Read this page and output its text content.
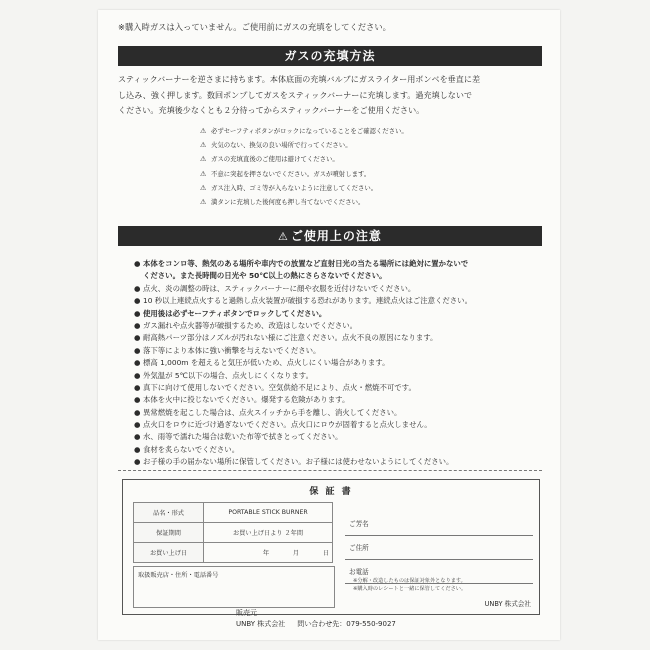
※購入時ガスは入っていません。ご使用前にガスの充填をしてください。
ガスの充填方法
スティックバーナーを逆さまに持ちます。本体底面の充填バルブにガスライター用ボンベを垂直に差
し込み、強く押します。数回ポンプしてガスをスティックバーナーに充填します。過充填しないで
ください。充填後少なくとも２分待ってからスティックバーナーをご使用ください。
⚠ 必ずセーフティボタンがロックになっていることをご確認ください。
⚠ 火気のない、換気の良い場所で行ってください。
⚠ ガスの充填直後のご使用は避けてください。
⚠ 不意に突起を押さないでください。ガスが噴射します。
⚠ ガス注入時、ゴミ等が入らないように注意してください。
⚠ 満タンに充填した後何度も押し当てないでください。
⚠ ご使用上の注意
● 本体をコンロ等、熱気のある場所や車内での放置など直射日光の当たる場所には絶対に置かないで
ください。また長時間の日光や 50℃以上の熱にさらさないでください。
● 点火、炎の調整の時は、スティックバーナーに顔や衣服を近付けないでください。
● 10 秒以上連続点火すると過熱し点火装置が破損する恐れがあります。連続点火はご注意ください。
● 使用後は必ずセーフティボタンでロックしてください。
● ガス漏れや点火器等が破損するため、改造はしないでください。
● 耐高熱パーツ部分はノズルが汚れない様にご注意ください。点火不良の原因になります。
● 落下等により本体に強い衝撃を与えないでください。
● 標高 1,000m を超えると気圧が低いため、点火しにくい場合があります。
● 外気温が 5℃以下の場合、点火しにくくなります。
● 真下に向けて使用しないでください。空気供給不足により、点火・燃焼不可です。
● 本体を火中に投じないでください。爆発する危険があります。
● 異常燃焼を起こした場合は、点火スイッチから手を離し、消火してください。
● 点火口をロウに近づけ過ぎないでください。点火口にロウが固着すると点火しません。
● 水、雨等で濡れた場合は乾いた布等で拭きとってください。
● 食材を炙らないでください。
● お子様の手の届かない場所に保管してください。お子様には使わせないようにしてください。
保 証 書
品名・形式	PORTABLE STICK BURNER
保証期間	お買い上げ日より ２年間
お買い上げ日	年 月 日
取扱販売店・住所・電話番号
ご芳名
ご住所
お電話
※分解・改造したものは保証対象外となります。
※購入時のレシートと一緒に保管してください。
UNBY 株式会社
販売元
UNBY 株式会社 問い合わせ先：079-550-9027
